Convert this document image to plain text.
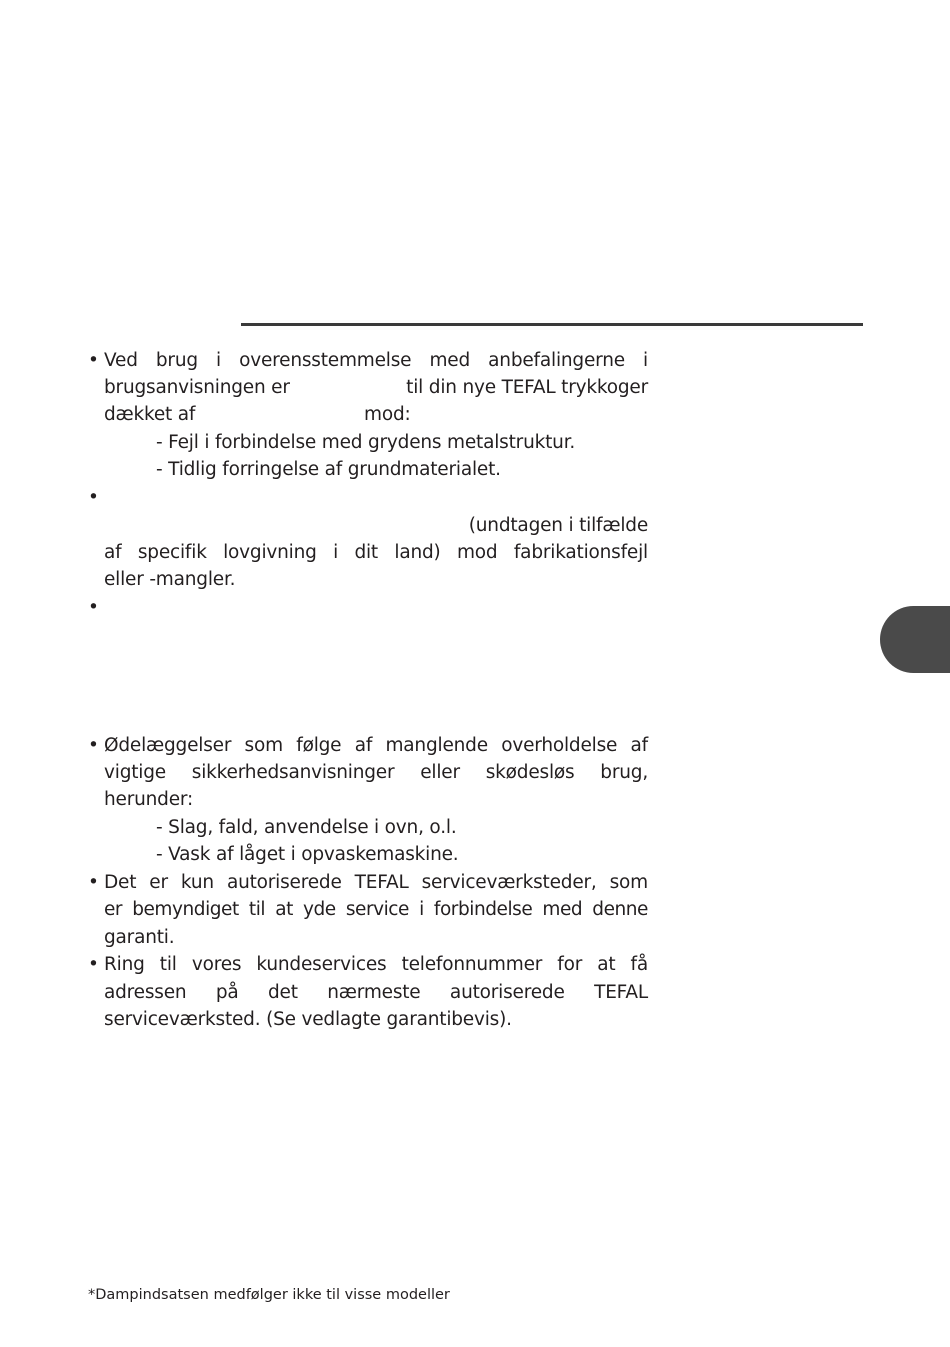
• Ved brug i overensstemmelse med anbefalingerne i
brugsanvisningen er	til din nye TEFAL trykkoger
dækket af	mod:
- Fejl i forbindelse med grydens metalstruktur.
- Tidlig forringelse af grundmaterialet.
•
(undtagen i tilfælde
af specifik lovgivning i dit land) mod fabrikationsfejl
eller -mangler.
•
• Ødelæggelser som følge af manglende overholdelse af
vigtige sikkerhedsanvisninger eller skødesløs brug,
herunder:
- Slag, fald, anvendelse i ovn, o.l.
- Vask af låget i opvaskemaskine.
• Det er kun autoriserede TEFAL serviceværksteder, som
er bemyndiget til at yde service i forbindelse med denne
garanti.
• Ring til vores kundeservices telefonnummer for at få
adressen på det nærmeste autoriserede TEFAL
serviceværksted. (Se vedlagte garantibevis).
*Dampindsatsen medfølger ikke til visse modeller
